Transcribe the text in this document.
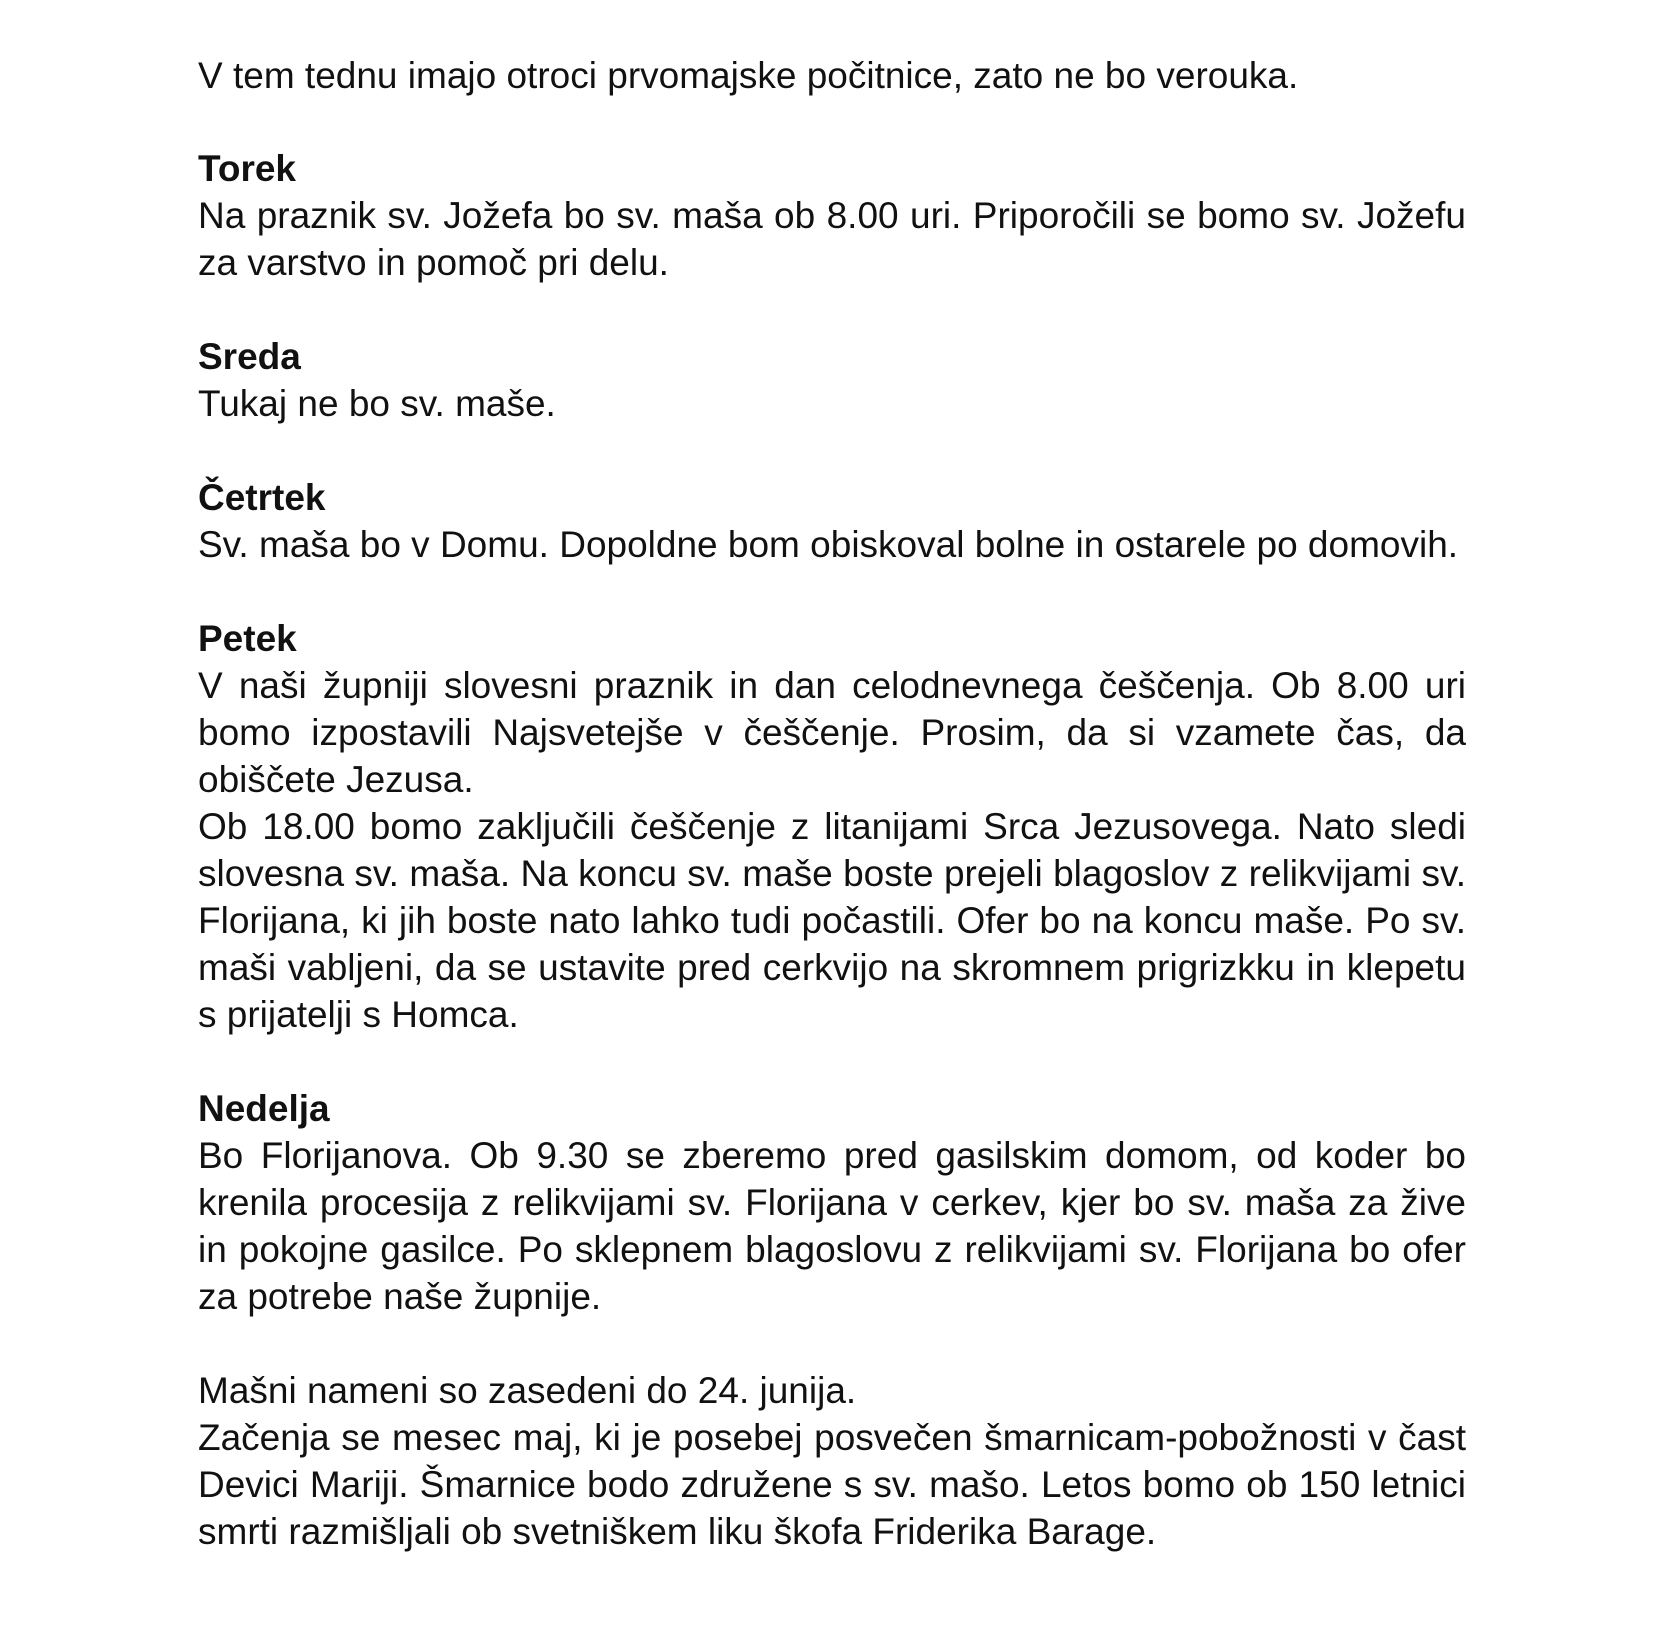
V tem tednu imajo otroci prvomajske počitnice, zato ne bo verouka.

Torek

Na praznik sv. Jožefa bo sv. maša ob 8.00 uri. Priporočili se bomo sv. Jožefu za varstvo in pomoč pri delu.

Sreda

Tukaj ne bo sv. maše.

Četrtek

Sv. maša bo v Domu. Dopoldne bom obiskoval bolne in ostarele po domovih.

Petek

V naši župniji slovesni praznik in dan celodnevnega češčenja. Ob 8.00 uri bomo izpostavili Najsvetejše v češčenje. Prosim, da si vzamete čas, da obiščete Jezusa.

Ob 18.00 bomo zaključili češčenje z litanijami Srca Jezusovega. Nato sledi slovesna sv. maša. Na koncu sv. maše boste prejeli blagoslov z relikvijami sv. Florijana, ki jih boste nato lahko tudi počastili. Ofer bo na koncu maše. Po sv. maši vabljeni, da se ustavite pred cerkvijo na skromnem prigrizkku in klepetu s prijatelji s Homca.

Nedelja

Bo Florijanova. Ob 9.30 se zberemo pred gasilskim domom, od koder bo krenila procesija z relikvijami sv. Florijana v cerkev, kjer bo sv. maša za žive in pokojne gasilce. Po sklepnem blagoslovu z relikvijami sv. Florijana bo ofer za potrebe naše župnije.

Mašni nameni so zasedeni do 24. junija.

Začenja se mesec maj, ki je posebej posvečen šmarnicam-pobožnosti v čast Devici Mariji. Šmarnice bodo združene s sv. mašo. Letos bomo ob 150 letnici smrti razmišljali ob svetniškem liku škofa Friderika Barage.
